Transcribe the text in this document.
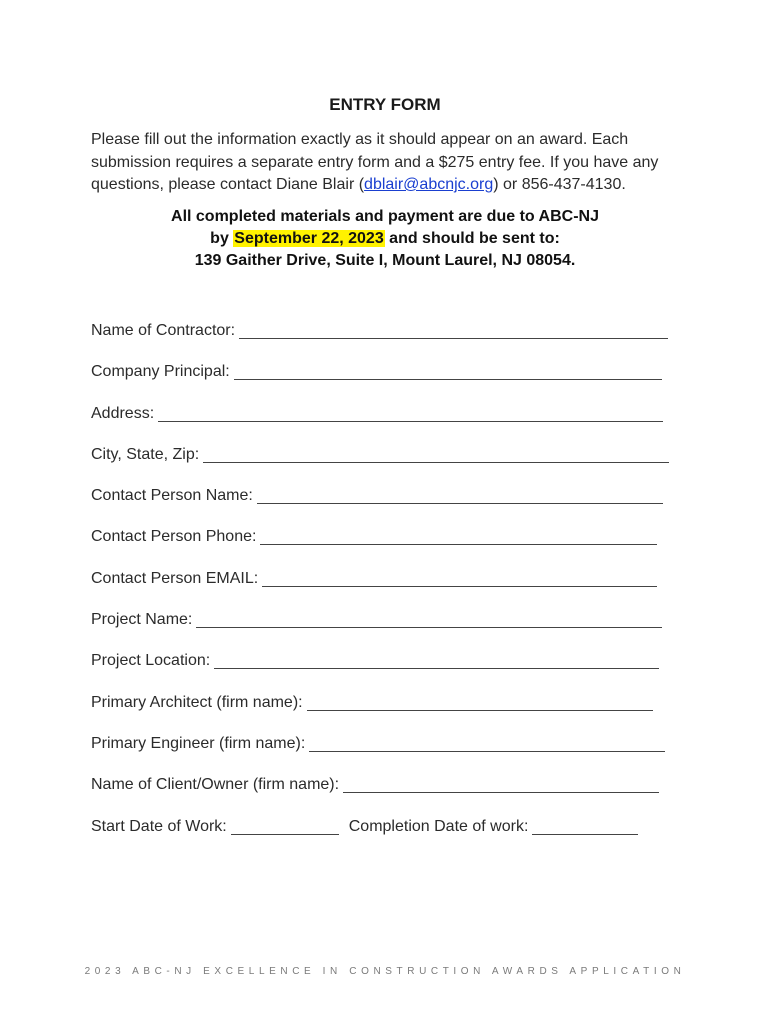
ENTRY FORM

Please fill out the information exactly as it should appear on an award. Each submission requires a separate entry form and a $275 entry fee. If you have any questions, please contact Diane Blair (dblair@abcnjc.org) or 856-437-4130.

All completed materials and payment are due to ABC-NJ
by September 22, 2023 and should be sent to:
139 Gaither Drive, Suite I, Mount Laurel, NJ 08054.

Name of Contractor:
Company Principal:
Address:
City, State, Zip:
Contact Person Name:
Contact Person Phone:
Contact Person EMAIL:
Project Name:
Project Location:
Primary Architect (firm name):
Primary Engineer (firm name):
Name of Client/Owner (firm name):
Start Date of Work:	Completion Date of work:
2023 ABC-NJ EXCELLENCE IN CONSTRUCTION AWARDS APPLICATION
